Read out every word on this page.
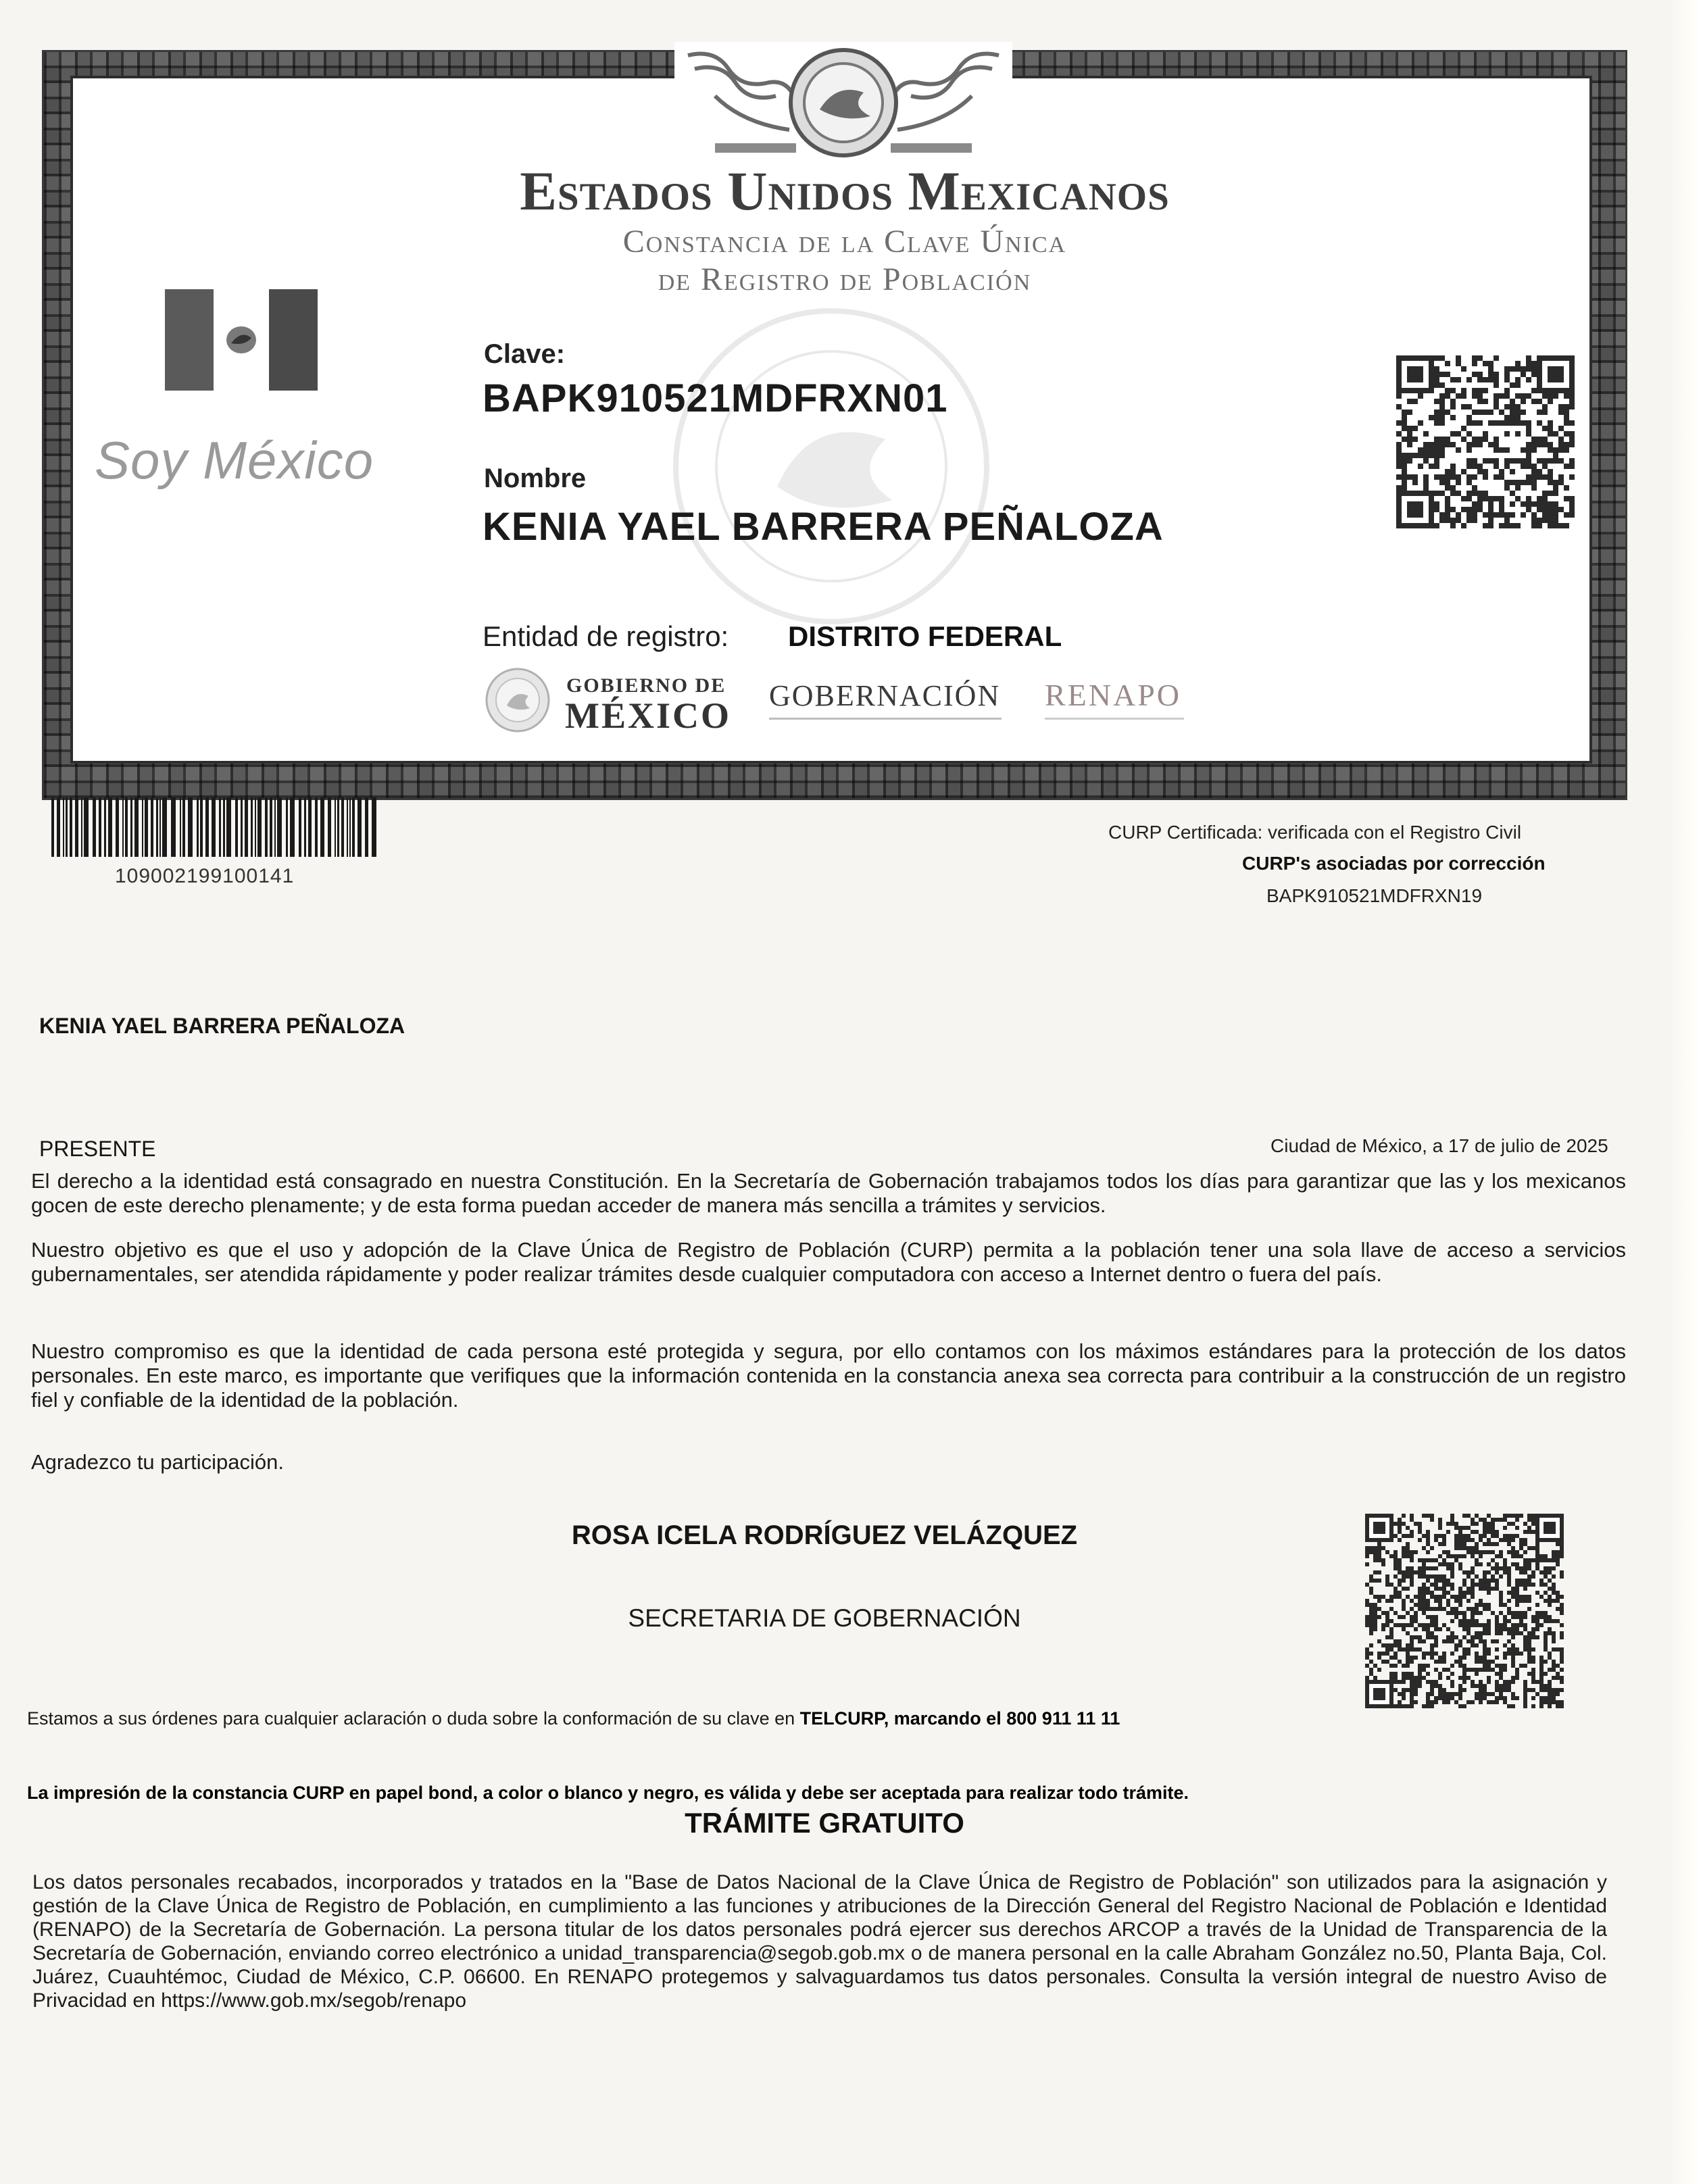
Estados Unidos Mexicanos
Constancia de la Clave Única
de Registro de Población
Soy México
Clave:
BAPK910521MDFRXN01
Nombre
KENIA YAEL BARRERA PEÑALOZA
Entidad de registro: DISTRITO FEDERAL
GOBIERNO DE
MÉXICO GOBERNACIÓN RENAPO
109002199100141
CURP Certificada: verificada con el Registro Civil
CURP's asociadas por corrección
BAPK910521MDFRXN19
KENIA YAEL BARRERA PEÑALOZA
PRESENTE	Ciudad de México, a 17 de julio de 2025
El derecho a la identidad está consagrado en nuestra Constitución. En la Secretaría de Gobernación trabajamos todos los días para garantizar que las y los mexicanos gocen de este derecho plenamente; y de esta forma puedan acceder de manera más sencilla a trámites y servicios.
Nuestro objetivo es que el uso y adopción de la Clave Única de Registro de Población (CURP) permita a la población tener una sola llave de acceso a servicios gubernamentales, ser atendida rápidamente y poder realizar trámites desde cualquier computadora con acceso a Internet dentro o fuera del país.
Nuestro compromiso es que la identidad de cada persona esté protegida y segura, por ello contamos con los máximos estándares para la protección de los datos personales. En este marco, es importante que verifiques que la información contenida en la constancia anexa sea correcta para contribuir a la construcción de un registro fiel y confiable de la identidad de la población.
Agradezco tu participación.
ROSA ICELA RODRÍGUEZ VELÁZQUEZ
SECRETARIA DE GOBERNACIÓN
Estamos a sus órdenes para cualquier aclaración o duda sobre la conformación de su clave en TELCURP, marcando el 800 911 11 11
La impresión de la constancia CURP en papel bond, a color o blanco y negro, es válida y debe ser aceptada para realizar todo trámite.
TRÁMITE GRATUITO
Los datos personales recabados, incorporados y tratados en la "Base de Datos Nacional de la Clave Única de Registro de Población" son utilizados para la asignación y gestión de la Clave Única de Registro de Población, en cumplimiento a las funciones y atribuciones de la Dirección General del Registro Nacional de Población e Identidad (RENAPO) de la Secretaría de Gobernación. La persona titular de los datos personales podrá ejercer sus derechos ARCOP a través de la Unidad de Transparencia de la Secretaría de Gobernación, enviando correo electrónico a unidad_transparencia@segob.gob.mx o de manera personal en la calle Abraham González no.50, Planta Baja, Col. Juárez, Cuauhtémoc, Ciudad de México, C.P. 06600. En RENAPO protegemos y salvaguardamos tus datos personales. Consulta la versión integral de nuestro Aviso de Privacidad en https://www.gob.mx/segob/renapo
